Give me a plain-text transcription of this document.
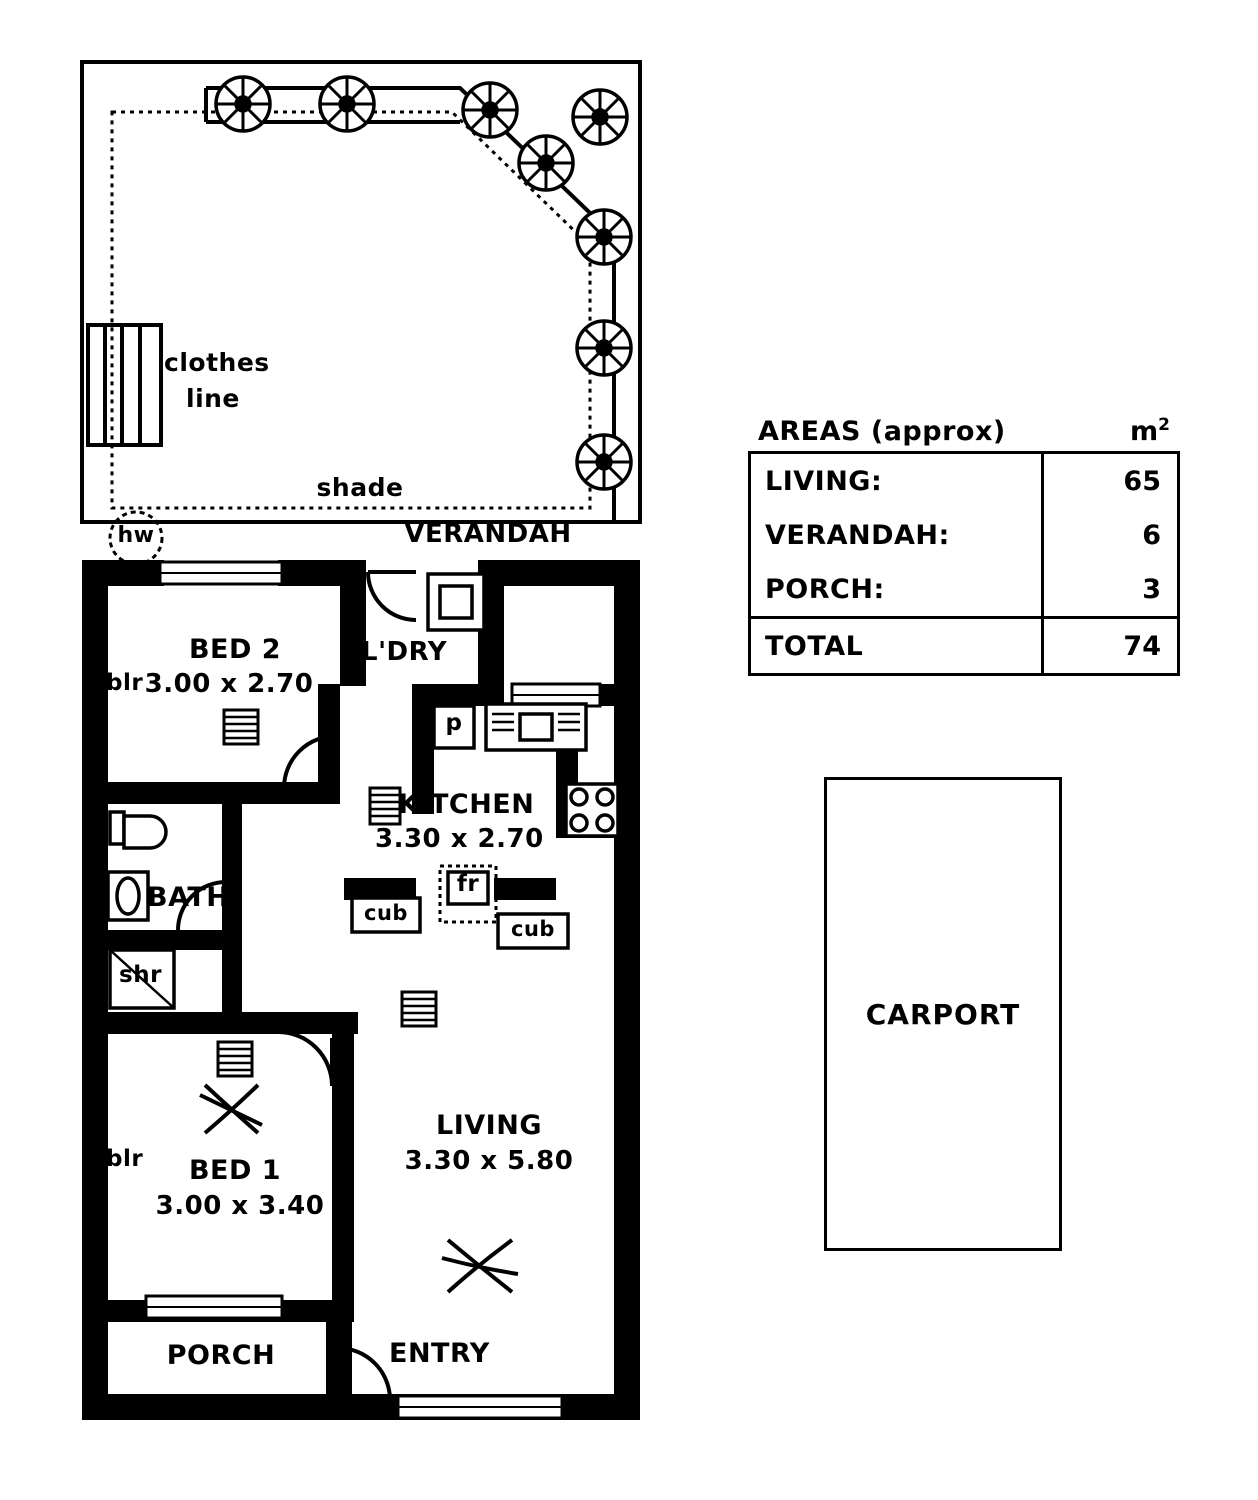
clothes
line
shade
hw	VERANDAH
BED 2
3.00 x 2.70
blr
L'DRY
p
KITCHEN
3.30 x 2.70
fr
cub
cub
BATH
shr
BED 1
3.00 x 3.40
blr
LIVING
3.30 x 5.80
PORCH	ENTRY
AREAS (approx)	$m^2$
LIVING:	65
VERANDAH:	6
PORCH:	3
TOTAL	74
CARPORT
